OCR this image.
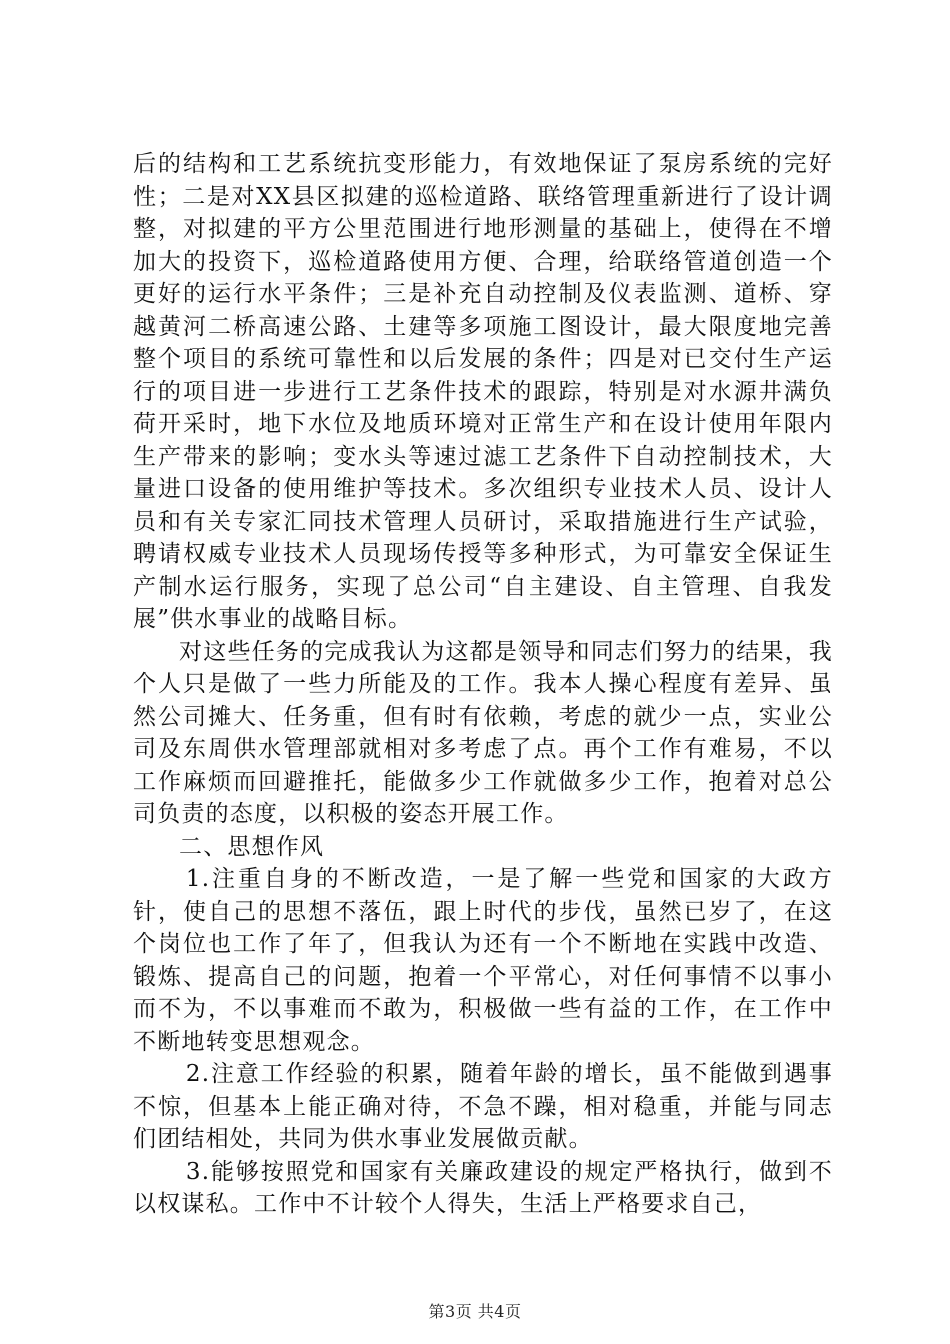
后的结构和工艺系统抗变形能力，有效地保证了泵房系统的完好性；二是对XX县区拟建的巡检道路、联络管理重新进行了设计调整，对拟建的平方公里范围进行地形测量的基础上，使得在不增加大的投资下，巡检道路使用方便、合理，给联络管道创造一个更好的运行水平条件；三是补充自动控制及仪表监测、道桥、穿越黄河二桥高速公路、土建等多项施工图设计，最大限度地完善整个项目的系统可靠性和以后发展的条件；四是对已交付生产运行的项目进一步进行工艺条件技术的跟踪，特别是对水源井满负荷开采时，地下水位及地质环境对正常生产和在设计使用年限内生产带来的影响；变水头等速过滤工艺条件下自动控制技术，大量进口设备的使用维护等技术。多次组织专业技术人员、设计人员和有关专家汇同技术管理人员研讨，采取措施进行生产试验，聘请权威专业技术人员现场传授等多种形式，为可靠安全保证生产制水运行服务，实现了总公司“自主建设、自主管理、自我发展”供水事业的战略目标。

对这些任务的完成我认为这都是领导和同志们努力的结果，我个人只是做了一些力所能及的工作。我本人操心程度有差异、虽然公司摊大、任务重，但有时有依赖，考虑的就少一点，实业公司及东周供水管理部就相对多考虑了点。再个工作有难易，不以工作麻烦而回避推托，能做多少工作就做多少工作，抱着对总公司负责的态度，以积极的姿态开展工作。

二、思想作风

1.注重自身的不断改造，一是了解一些党和国家的大政方针，使自己的思想不落伍，跟上时代的步伐，虽然已岁了，在这个岗位也工作了年了，但我认为还有一个不断地在实践中改造、锻炼、提高自己的问题，抱着一个平常心，对任何事情不以事小而不为，不以事难而不敢为，积极做一些有益的工作，在工作中不断地转变思想观念。

2.注意工作经验的积累，随着年龄的增长，虽不能做到遇事不惊，但基本上能正确对待，不急不躁，相对稳重，并能与同志们团结相处，共同为供水事业发展做贡献。

3.能够按照党和国家有关廉政建设的规定严格执行，做到不以权谋私。工作中不计较个人得失，生活上严格要求自己，

第3页 共4页
